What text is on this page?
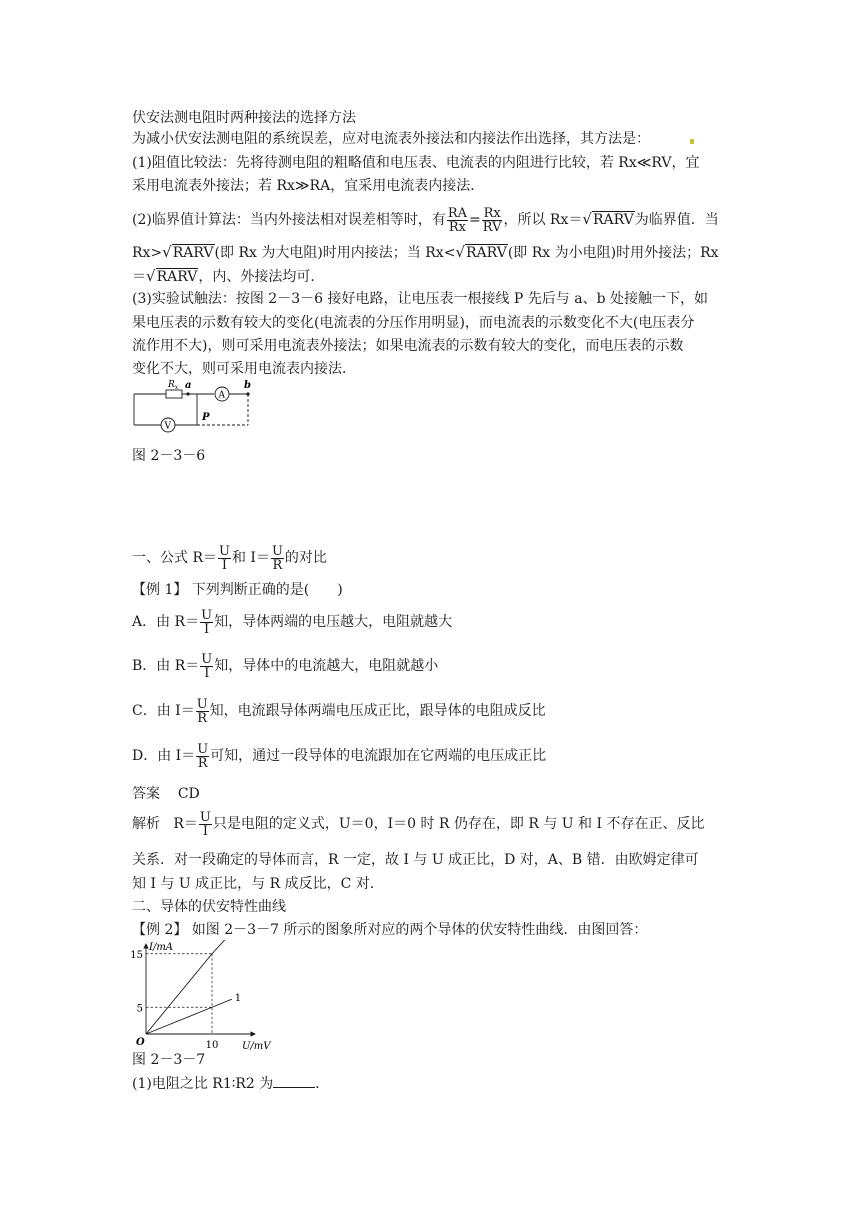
伏安法测电阻时两种接法的选择方法
为减小伏安法测电阻的系统误差，应对电流表外接法和内接法作出选择，其方法是：
(1)阻值比较法：先将待测电阻的粗略值和电压表、电流表的内阻进行比较，若 Rx≪RV，宜
采用电流表外接法；若 Rx≫RA，宜采用电流表内接法．
(2)临界值计算法：当内外接法相对误差相等时，有 $\frac{RA}{Rx} = \frac{Rx}{RV}$ ，所以 Rx＝√RARV为临界值．当
Rx>√RARV(即 Rx 为大电阻)时用内接法；当 Rx<√RARV(即 Rx 为小电阻)时用外接法；Rx
＝√RARV，内、外接法均可．
(3)实验试触法：按图 2－3－6 接好电路，让电压表一根接线 P 先后与 a、b 处接触一下，如
果电压表的示数有较大的变化(电流表的分压作用明显)，而电流表的示数变化不大(电压表分
流作用不大)，则可采用电流表外接法；如果电流表的示数有较大的变化，而电压表的示数
变化不大，则可采用电流表内接法．
$R_x$ a	b
A
V
P
图 2－3－6
一、公式 $R= \frac{U}{I}$ 和 $I= \frac{U}{R}$ 的对比
【例 1】 下列判断正确的是(　　)
A．由 $R= \frac{U}{I}$ 知，导体两端的电压越大，电阻就越大
B．由 $R= \frac{U}{I}$ 知，导体中的电流越大，电阻就越小
C．由 $I= \frac{U}{R}$ 知，电流跟导体两端电压成正比，跟导体的电阻成反比
D．由 $I= \frac{U}{R}$ 可知，通过一段导体的电流跟加在它两端的电压成正比
答案 CD
解析 $R= \frac{U}{I}$ 只是电阻的定义式，U＝0，I＝0 时 R 仍存在，即 R 与 U 和 I 不存在正、反比
关系．对一段确定的导体而言，R 一定，故 I 与 U 成正比，D 对，A、B 错．由欧姆定律可
知 I 与 U 成正比，与 R 成反比，C 对．
二、导体的伏安特性曲线
【例 2】 如图 2－3－7 所示的图象所对应的两个导体的伏安特性曲线．由图回答：
I/mA
U/mV
O
5
15
10
1
图 2－3－7
(1)电阻之比 R1∶R2 为	．
